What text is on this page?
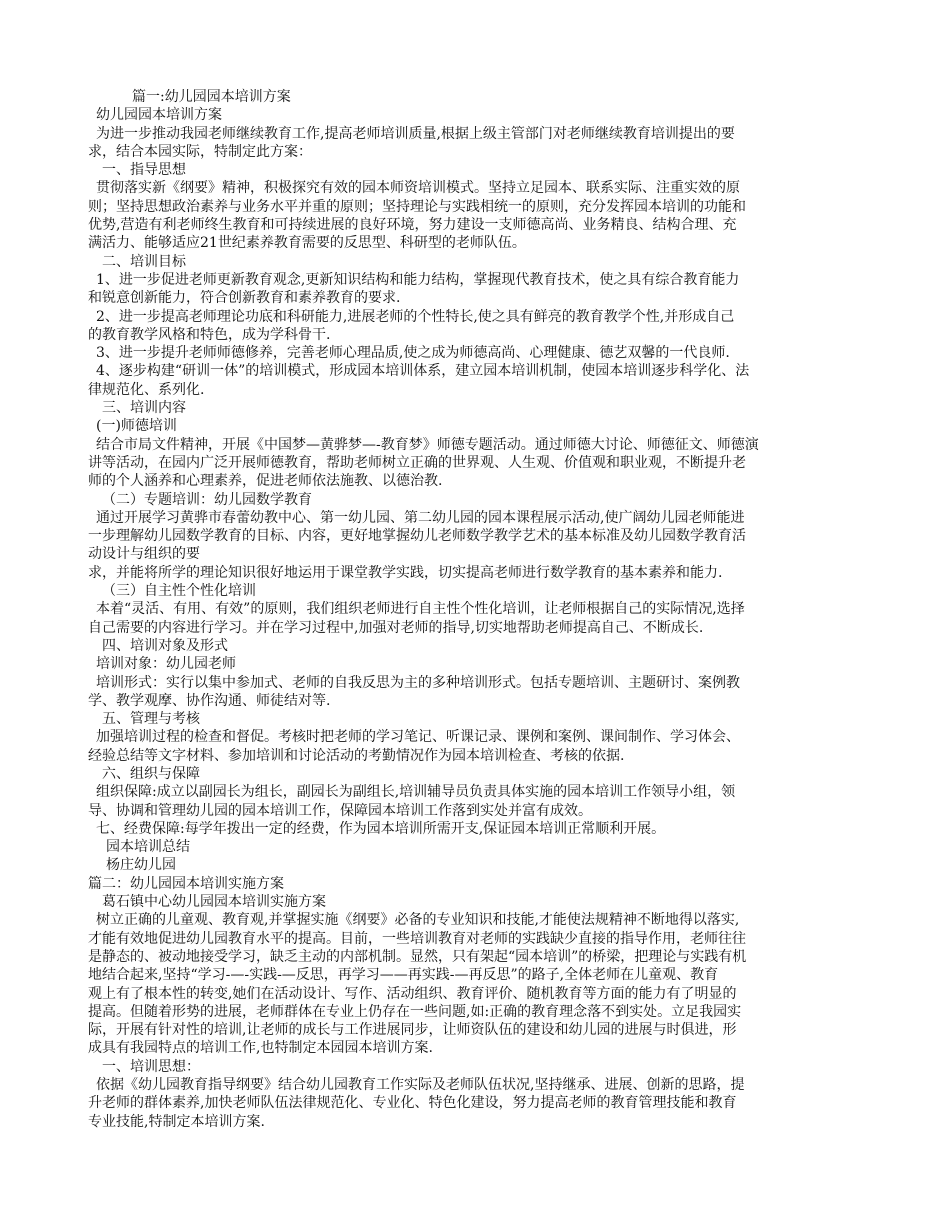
篇一:幼儿园园本培训方案
幼儿园园本培训方案
为进一步推动我园老师继续教育工作,提高老师培训质量,根据上级主管部门对老师继续教育培训提出的要
求，结合本园实际，特制定此方案：
一、指导思想
贯彻落实新《纲要》精神，积极探究有效的园本师资培训模式。坚持立足园本、联系实际、注重实效的原
则；坚持思想政治素养与业务水平并重的原则；坚持理论与实践相统一的原则，充分发挥园本培训的功能和
优势,营造有利老师终生教育和可持续进展的良好环境，努力建设一支师德高尚、业务精良、结构合理、充
满活力、能够适应21世纪素养教育需要的反思型、科研型的老师队伍。
二、培训目标
1、进一步促进老师更新教育观念,更新知识结构和能力结构，掌握现代教育技术，使之具有综合教育能力
和锐意创新能力，符合创新教育和素养教育的要求.
2、进一步提高老师理论功底和科研能力,进展老师的个性特长,使之具有鲜亮的教育教学个性,并形成自己
的教育教学风格和特色，成为学科骨干.
3、进一步提升老师师德修养，完善老师心理品质,使之成为师德高尚、心理健康、德艺双馨的一代良师.
4、逐步构建“研训一体”的培训模式，形成园本培训体系，建立园本培训机制，使园本培训逐步科学化、法
律规范化、系列化.
三、培训内容
(一)师德培训
结合市局文件精神，开展《中国梦—黄骅梦—-教育梦》师德专题活动。通过师德大讨论、师德征文、师德演
讲等活动，在园内广泛开展师德教育，帮助老师树立正确的世界观、人生观、价值观和职业观，不断提升老
师的个人涵养和心理素养，促进老师依法施教、以德治教.
（二）专题培训：幼儿园数学教育
通过开展学习黄骅市春蕾幼教中心、第一幼儿园、第二幼儿园的园本课程展示活动,使广阔幼儿园老师能进
一步理解幼儿园数学教育的目标、内容，更好地掌握幼儿老师数学教学艺术的基本标准及幼儿园数学教育活
动设计与组织的要
求，并能将所学的理论知识很好地运用于课堂教学实践，切实提高老师进行数学教育的基本素养和能力.
（三）自主性个性化培训
本着“灵活、有用、有效”的原则，我们组织老师进行自主性个性化培训，让老师根据自己的实际情况,选择
自己需要的内容进行学习。并在学习过程中,加强对老师的指导,切实地帮助老师提高自己、不断成长.
四、培训对象及形式
培训对象：幼儿园老师
培训形式：实行以集中参加式、老师的自我反思为主的多种培训形式。包括专题培训、主题研讨、案例教
学、教学观摩、协作沟通、师徒结对等.
五、管理与考核
加强培训过程的检查和督促。考核时把老师的学习笔记、听课记录、课例和案例、课间制作、学习体会、
经验总结等文字材料、参加培训和讨论活动的考勤情况作为园本培训检查、考核的依据.
六、组织与保障
组织保障:成立以副园长为组长，副园长为副组长,培训辅导员负责具体实施的园本培训工作领导小组，领
导、协调和管理幼儿园的园本培训工作，保障园本培训工作落到实处并富有成效。
七、经费保障:每学年拨出一定的经费，作为园本培训所需开支,保证园本培训正常顺利开展。
园本培训总结
杨庄幼儿园
篇二：幼儿园园本培训实施方案
葛石镇中心幼儿园园本培训实施方案
树立正确的儿童观、教育观,并掌握实施《纲要》必备的专业知识和技能,才能使法规精神不断地得以落实,
才能有效地促进幼儿园教育水平的提高。目前，一些培训教育对老师的实践缺少直接的指导作用，老师往往
是静态的、被动地接受学习，缺乏主动的内部机制。显然，只有架起“园本培训”的桥梁，把理论与实践有机
地结合起来,坚持“学习-—-实践-—反思，再学习——再实践-—再反思”的路子,全体老师在儿童观、教育
观上有了根本性的转变,她们在活动设计、写作、活动组织、教育评价、随机教育等方面的能力有了明显的
提高。但随着形势的进展，老师群体在专业上仍存在一些问题,如:正确的教育理念落不到实处。立足我园实
际，开展有针对性的培训,让老师的成长与工作进展同步，让师资队伍的建设和幼儿园的进展与时俱进，形
成具有我园特点的培训工作,也特制定本园园本培训方案.
一、培训思想：
依据《幼儿园教育指导纲要》结合幼儿园教育工作实际及老师队伍状况,坚持继承、进展、创新的思路，提
升老师的群体素养,加快老师队伍法律规范化、专业化、特色化建设，努力提高老师的教育管理技能和教育
专业技能,特制定本培训方案.
